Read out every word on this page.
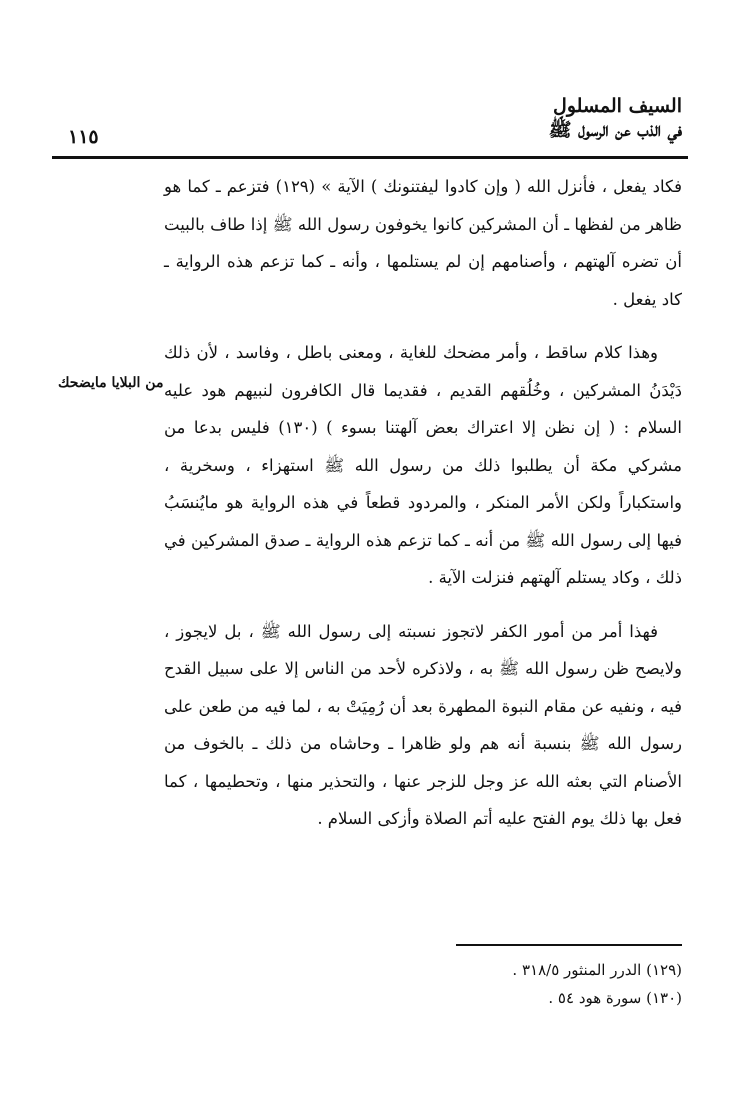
السيف المسلول
في الذب عن الرسول ﷺ
١١٥
من البلايا مايضحك

فكاد يفعل ، فأنزل الله ( وإن كادوا ليفتنونك ) الآية » (١٢٩) فتزعم ـ كما هو ظاهر من لفظها ـ أن المشركين كانوا يخوفون رسول الله ﷺ إذا طاف بالبيت أن تضره آلهتهم ، وأصنامهم إن لم يستلمها ، وأنه ـ كما تزعم هذه الرواية ـ كاد يفعل .

وهذا كلام ساقط ، وأمر مضحك للغاية ، ومعنى باطل ، وفاسد ، لأن ذلك دَيْدَنُ المشركين ، وخُلُقهم القديم ، فقديما قال الكافرون لنبيهم هود عليه السلام : ( إن نظن إلا اعتراك بعض آلهتنا بسوء ) (١٣٠) فليس بدعا من مشركي مكة أن يطلبوا ذلك من رسول الله ﷺ استهزاء ، وسخرية ، واستكباراً ولكن الأمر المنكر ، والمردود قطعاً في هذه الرواية هو مايُنسَبُ فيها إلى رسول الله ﷺ من أنه ـ كما تزعم هذه الرواية ـ صدق المشركين في ذلك ، وكاد يستلم آلهتهم فنزلت الآية .

فهذا أمر من أمور الكفر لاتجوز نسبته إلى رسول الله ﷺ ، بل لايجوز ، ولايصح ظن رسول الله ﷺ به ، ولاذكره لأحد من الناس إلا على سبيل القدح فيه ، ونفيه عن مقام النبوة المطهرة بعد أن رُمِيَتْ به ، لما فيه من طعن على رسول الله ﷺ بنسبة أنه هم ولو ظاهرا ـ وحاشاه من ذلك ـ بالخوف من الأصنام التي بعثه الله عز وجل للزجر عنها ، والتحذير منها ، وتحطيمها ، كما فعل بها ذلك يوم الفتح عليه أتم الصلاة وأزكى السلام .

(١٢٩) الدرر المنثور ٣١٨/٥ .
(١٣٠) سورة هود ٥٤ .
